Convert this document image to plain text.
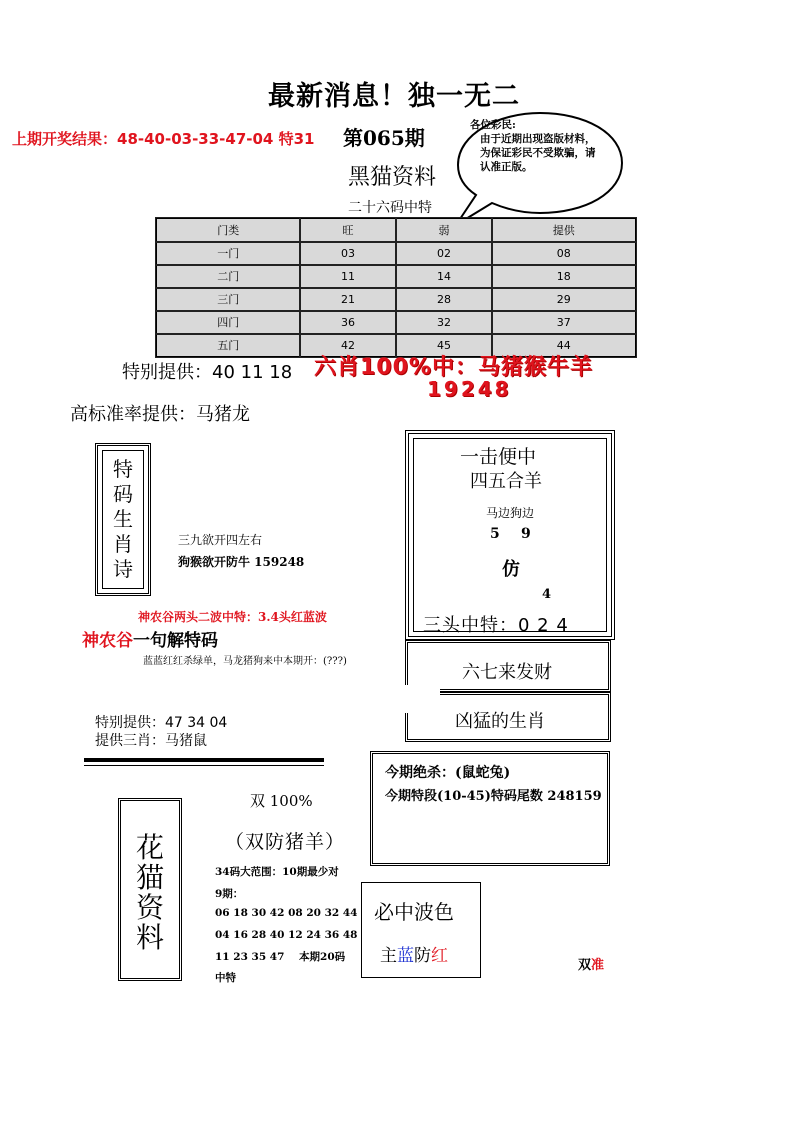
最新消息！独一无二
上期开奖结果：48-40-03-33-47-04 特31 第065期
黑猫资料
二十六码中特
各位彩民:
由于近期出现盗版材料，为保证彩民不受欺骗，请认准正版。
门类	旺	弱	提供
一门	03	02	08
二门	11	14	18
三门	21	28	29
四门	36	32	37
五门	42	45	44
特别提供：40 11 18 六肖100%中：马猪猴牛羊
19248
高标准率提供：马猪龙
特码生肖诗
三九欲开四左右
狗猴欲开防牛 159248
神农谷两头二波中特：3.4头红蓝波
神农谷一句解特码
蓝蓝红红杀绿单，马龙猪狗来中本期开：(???)
特别提供：47 34 04
提供三肖：马猪鼠
一击便中
四五合羊
马边狗边
5 9
仿
4
三头中特：0 2 4
六七来发财
凶猛的生肖
今期绝杀：(鼠蛇兔)
今期特段(10-45)特码尾数 248159
双 100%
（双防猪羊）
花猫资料
34码大范围：10期最少对
9期：
06 18 30 42 08 20 32 44
04 16 28 40 12 24 36 48
11 23 35 47    本期20码
中特
必中波色
主蓝防红	双准
